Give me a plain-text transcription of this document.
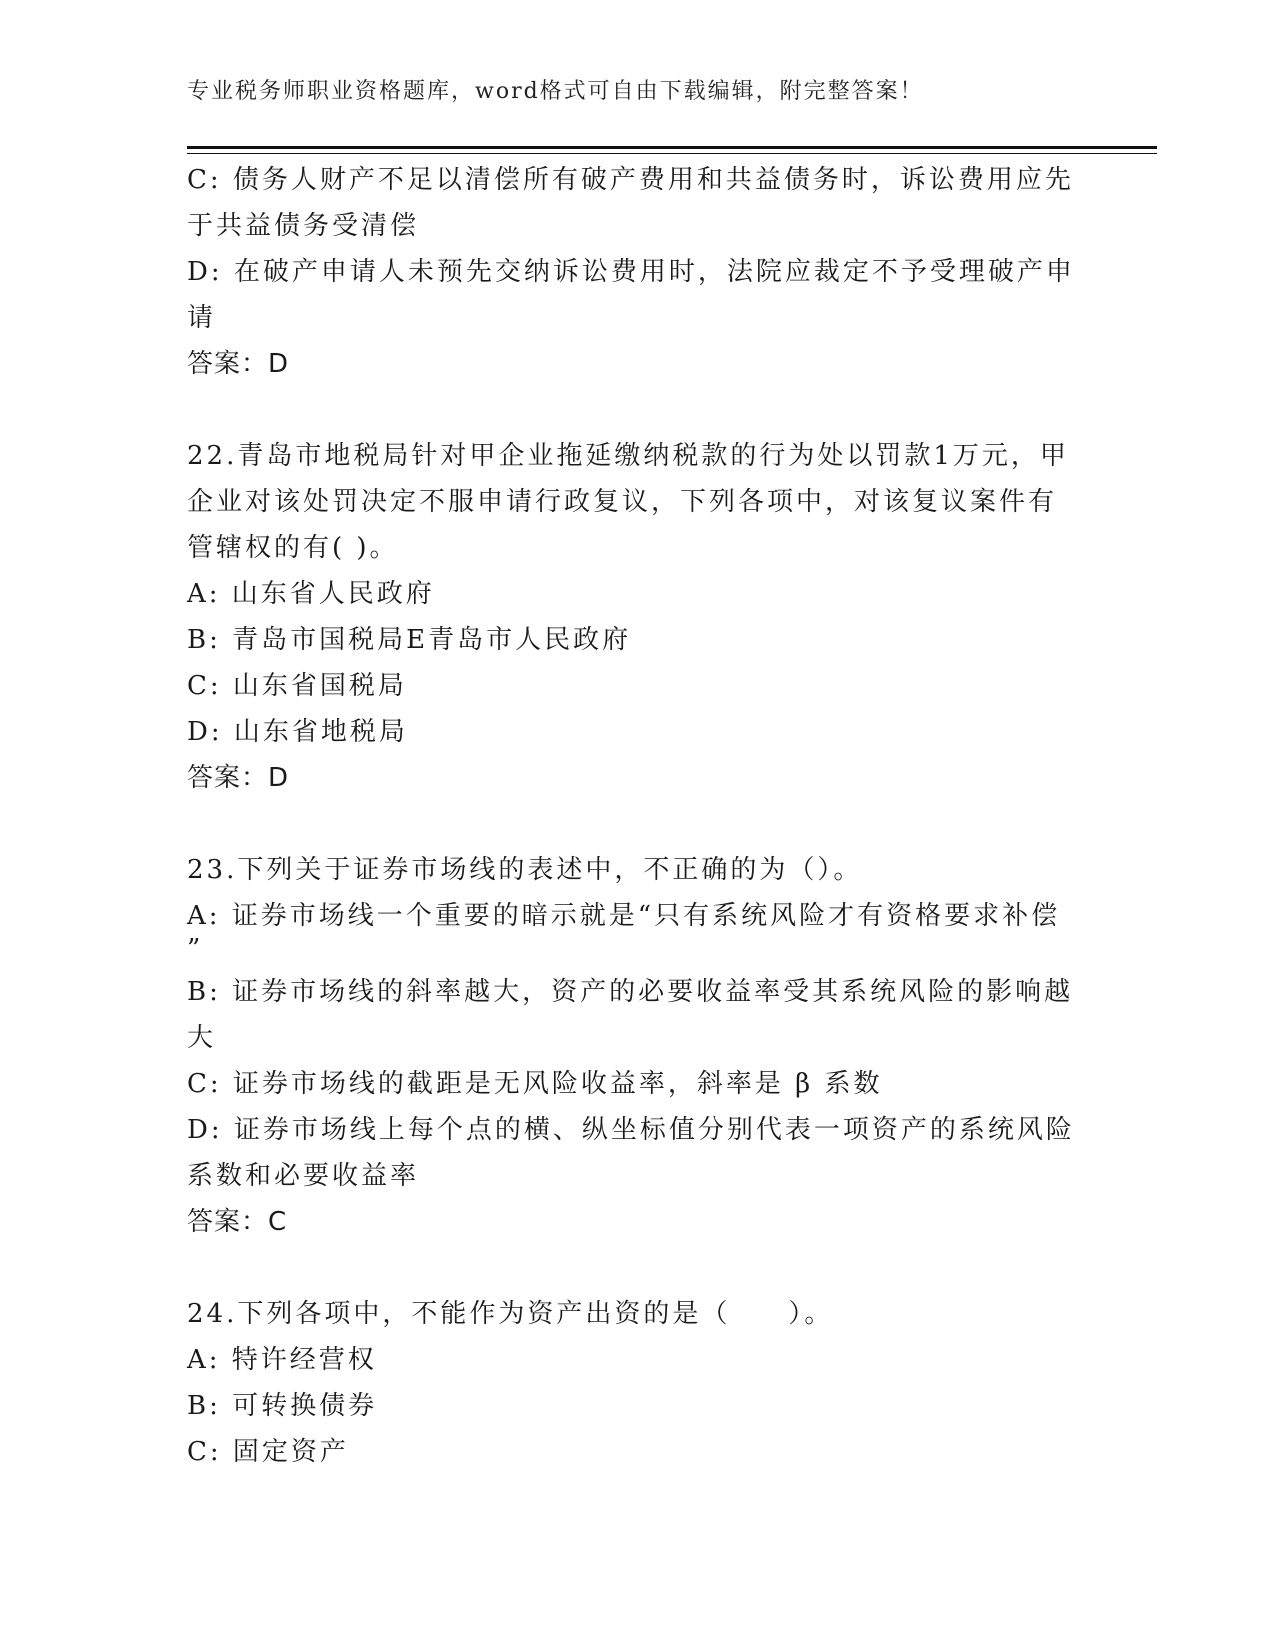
专业税务师职业资格题库，word格式可自由下载编辑，附完整答案！
C: 债务人财产不足以清偿所有破产费用和共益债务时，诉讼费用应先
于共益债务受清偿
D: 在破产申请人未预先交纳诉讼费用时，法院应裁定不予受理破产申
请
答案：D
22.青岛市地税局针对甲企业拖延缴纳税款的行为处以罚款1万元，甲
企业对该处罚决定不服申请行政复议，下列各项中，对该复议案件有
管辖权的有( )。
A: 山东省人民政府
B: 青岛市国税局E青岛市人民政府
C: 山东省国税局
D: 山东省地税局
答案：D
23.下列关于证券市场线的表述中，不正确的为（）。
A: 证券市场线一个重要的暗示就是“只有系统风险才有资格要求补偿
”
B: 证券市场线的斜率越大，资产的必要收益率受其系统风险的影响越
大
C: 证券市场线的截距是无风险收益率，斜率是 β 系数
D: 证券市场线上每个点的横、纵坐标值分别代表一项资产的系统风险
系数和必要收益率
答案：C
24.下列各项中，不能作为资产出资的是（　　）。
A: 特许经营权
B: 可转换债券
C: 固定资产
